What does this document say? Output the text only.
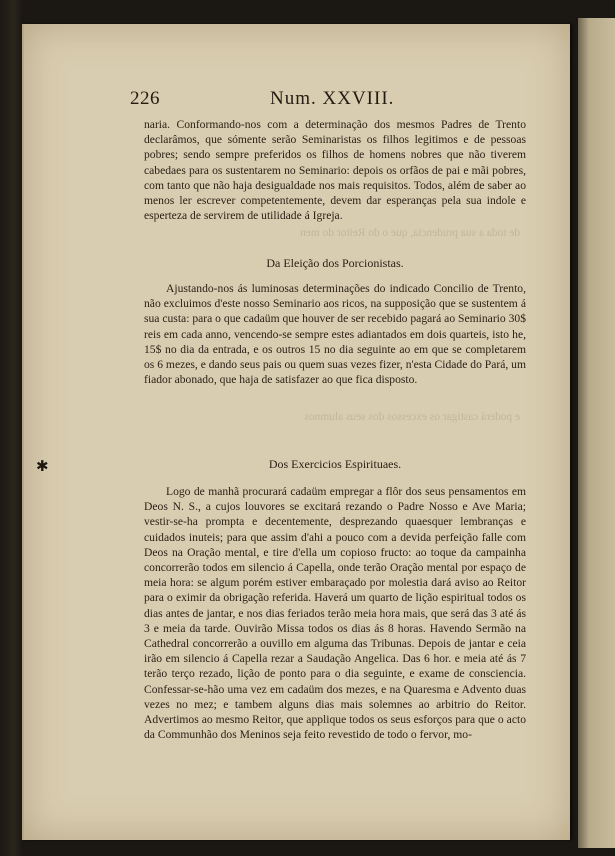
de toda a sua prudencia, que o do Reitor do men
e poderá castigar os excessos dos seus alumnos
226	Num. XXVIII.

naria. Conformando-nos com a determinação dos mesmos Padres de Trento declarâmos, que sómente serão Seminaristas os filhos legitimos e de pessoas pobres; sendo sempre preferidos os filhos de homens nobres que não tiverem cabedaes para os sustentarem no Seminario: depois os orfãos de pai e mãi pobres, com tanto que não haja desigualdade nos mais requisitos. Todos, além de saber ao menos ler escrever competentemente, devem dar esperanças pela sua indole e esperteza de servirem de utilidade á Igreja.

Da Eleição dos Porcionistas.

Ajustando-nos ás luminosas determinações do indicado Concilio de Trento, não excluimos d'este nosso Seminario aos ricos, na supposição que se sustentem á sua custa: para o que cadaüm que houver de ser recebido pagará ao Seminario 30$ reis em cada anno, vencendo-se sempre estes adiantados em dois quarteis, isto he, 15$ no dia da entrada, e os outros 15 no dia seguinte ao em que se completarem os 6 mezes, e dando seus pais ou quem suas vezes fizer, n'esta Cidade do Pará, um fiador abonado, que haja de satisfazer ao que fica disposto.

Dos Exercicios Espirituaes.

Logo de manhã procurará cadaüm empregar a flôr dos seus pensamentos em Deos N. S., a cujos louvores se excitará rezando o Padre Nosso e Ave Maria; vestir-se-ha prompta e decentemente, desprezando quaesquer lembranças e cuidados inuteis; para que assim d'ahi a pouco com a devida perfeição falle com Deos na Oração mental, e tire d'ella um copioso fructo: ao toque da campainha concorrerão todos em silencio á Capella, onde terão Oração mental por espaço de meia hora: se algum porém estiver embaraçado por molestia dará aviso ao Reitor para o eximir da obrigação referida. Haverá um quarto de lição espiritual todos os dias antes de jantar, e nos dias feriados terão meia hora mais, que será das 3 até ás 3 e meia da tarde. Ouvirão Missa todos os dias ás 8 horas. Havendo Sermão na Cathedral concorrerão a ouvillo em alguma das Tribunas. Depois de jantar e ceia irão em silencio á Capella rezar a Saudação Angelica. Das 6 hor. e meia até ás 7 terão terço rezado, lição de ponto para o dia seguinte, e exame de consciencia. Confessar-se-hão uma vez em cadaüm dos mezes, e na Quaresma e Advento duas vezes no mez; e tambem alguns dias mais solemnes ao arbitrio do Reitor. Advertimos ao mesmo Reitor, que applique todos os seus esforços para que o acto da Communhão dos Meninos seja feito revestido de todo o fervor, mo-

✱
